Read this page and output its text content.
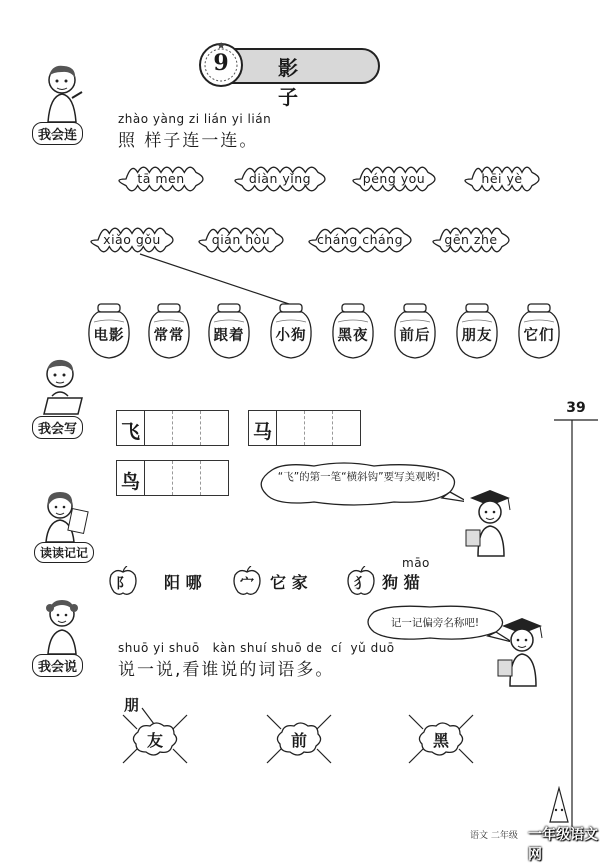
影 子
9
我会连
zhào yàng zi lián yi lián
照 样子连一连。
tā men	diàn yǐng	péng you	hēi yè
xiǎo gǒu	qián hòu	cháng cháng	gēn zhe
电影	常常	跟着	小狗	黑夜	前后	朋友	它们
我会写	飞	马
鸟	“飞”的第一笔“横斜钩”要写美观哟!
39
读读记记
阝	阳 哪	宀	它 家	犭 狗 猫
māo
我会说
记一记偏旁名称吧!
shuō yi shuō   kàn shuí shuō de  cí  yǔ duō
说一说,看谁说的词语多。
朋
友	前	黑
语文 二年级 一年级语文网
